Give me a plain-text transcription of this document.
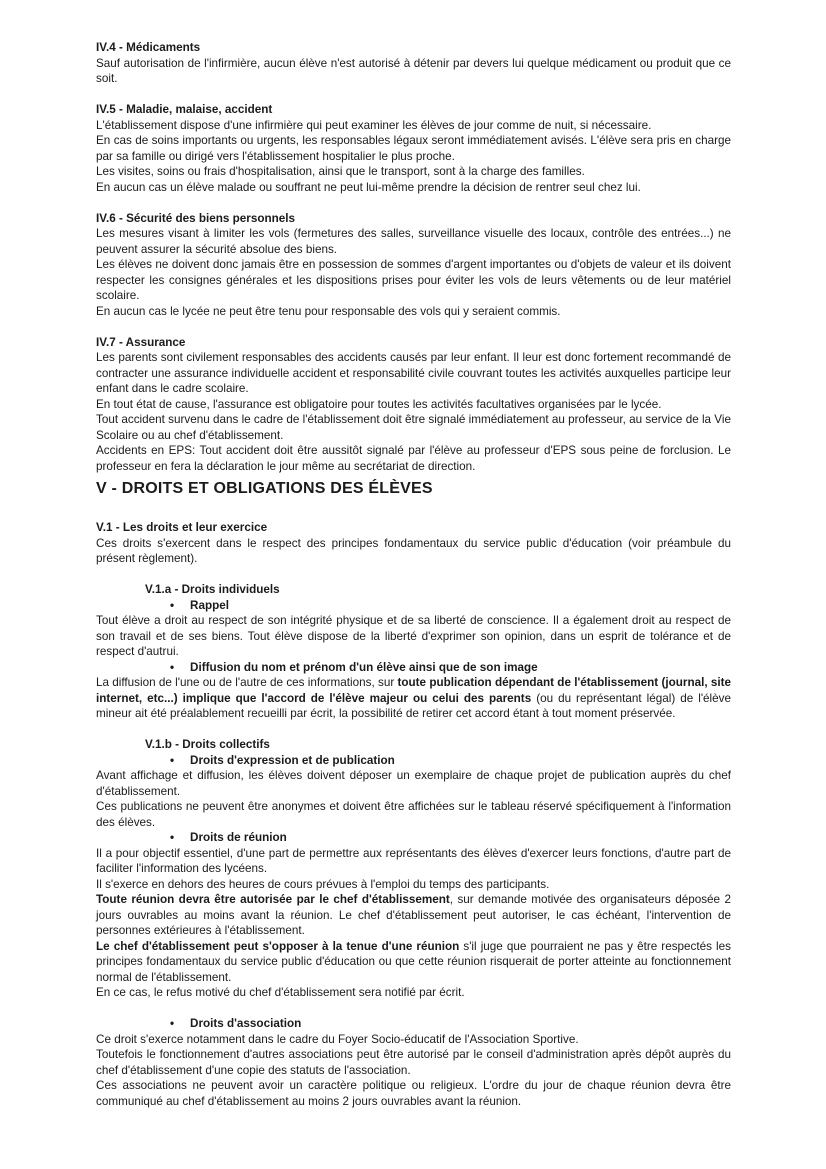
IV.4 - Médicaments
Sauf autorisation de l'infirmière, aucun élève n'est autorisé à détenir par devers lui quelque médicament ou produit que ce soit.
IV.5 - Maladie, malaise, accident
L'établissement dispose d'une infirmière qui peut examiner les élèves de jour comme de nuit, si nécessaire.
En cas de soins importants ou urgents, les responsables légaux seront immédiatement avisés. L'élève sera pris en charge par sa famille ou dirigé vers l'établissement hospitalier le plus proche.
Les visites, soins ou frais d'hospitalisation, ainsi que le transport, sont à la charge des familles.
En aucun cas un élève malade ou souffrant ne peut lui-même prendre la décision de rentrer seul chez lui.
IV.6 - Sécurité des biens personnels
Les mesures visant à limiter les vols (fermetures des salles, surveillance visuelle des locaux, contrôle des entrées...) ne peuvent assurer la sécurité absolue des biens.
Les élèves ne doivent donc jamais être en possession de sommes d'argent importantes ou d'objets de valeur et ils doivent respecter les consignes générales et les dispositions prises pour éviter les vols de leurs vêtements ou de leur matériel scolaire.
En aucun cas le lycée ne peut être tenu pour responsable des vols qui y seraient commis.
IV.7 - Assurance
Les parents sont civilement responsables des accidents causés par leur enfant. Il leur est donc fortement recommandé de contracter une assurance individuelle accident et responsabilité civile couvrant toutes les activités auxquelles participe leur enfant dans le cadre scolaire.
En tout état de cause, l'assurance est obligatoire pour toutes les activités facultatives organisées par le lycée.
Tout accident survenu dans le cadre de l'établissement doit être signalé immédiatement au professeur, au service de la Vie Scolaire ou au chef d'établissement.
Accidents en EPS: Tout accident doit être aussitôt signalé par l'élève au professeur d'EPS sous peine de forclusion. Le professeur en fera la déclaration le jour même au secrétariat de direction.
V - DROITS ET OBLIGATIONS DES ÉLÈVES
V.1 - Les droits et leur exercice
Ces droits s'exercent dans le respect des principes fondamentaux du service public d'éducation (voir préambule du présent règlement).
V.1.a - Droits individuels
• Rappel
Tout élève a droit au respect de son intégrité physique et de sa liberté de conscience. Il a également droit au respect de son travail et de ses biens. Tout élève dispose de la liberté d'exprimer son opinion, dans un esprit de tolérance et de respect d'autrui.
• Diffusion du nom et prénom d'un élève ainsi que de son image
La diffusion de l'une ou de l'autre de ces informations, sur toute publication dépendant de l'établissement (journal, site internet, etc...) implique que l'accord de l'élève majeur ou celui des parents (ou du représentant légal) de l'élève mineur ait été préalablement recueilli par écrit, la possibilité de retirer cet accord étant à tout moment préservée.
V.1.b - Droits collectifs
• Droits d'expression et de publication
Avant affichage et diffusion, les élèves doivent déposer un exemplaire de chaque projet de publication auprès du chef d'établissement.
Ces publications ne peuvent être anonymes et doivent être affichées sur le tableau réservé spécifiquement à l'information des élèves.
• Droits de réunion
Il a pour objectif essentiel, d'une part de permettre aux représentants des élèves d'exercer leurs fonctions, d'autre part de faciliter l'information des lycéens.
Il s'exerce en dehors des heures de cours prévues à l'emploi du temps des participants.
Toute réunion devra être autorisée par le chef d'établissement, sur demande motivée des organisateurs déposée 2 jours ouvrables au moins avant la réunion. Le chef d'établissement peut autoriser, le cas échéant, l'intervention de personnes extérieures à l'établissement.
Le chef d'établissement peut s'opposer à la tenue d'une réunion s'il juge que pourraient ne pas y être respectés les principes fondamentaux du service public d'éducation ou que cette réunion risquerait de porter atteinte au fonctionnement normal de l'établissement.
En ce cas, le refus motivé du chef d'établissement sera notifié par écrit.
• Droits d'association
Ce droit s'exerce notamment dans le cadre du Foyer Socio-éducatif de l'Association Sportive.
Toutefois le fonctionnement d'autres associations peut être autorisé par le conseil d'administration après dépôt auprès du chef d'établissement d'une copie des statuts de l'association.
Ces associations ne peuvent avoir un caractère politique ou religieux. L'ordre du jour de chaque réunion devra être communiqué au chef d'établissement au moins 2 jours ouvrables avant la réunion.
